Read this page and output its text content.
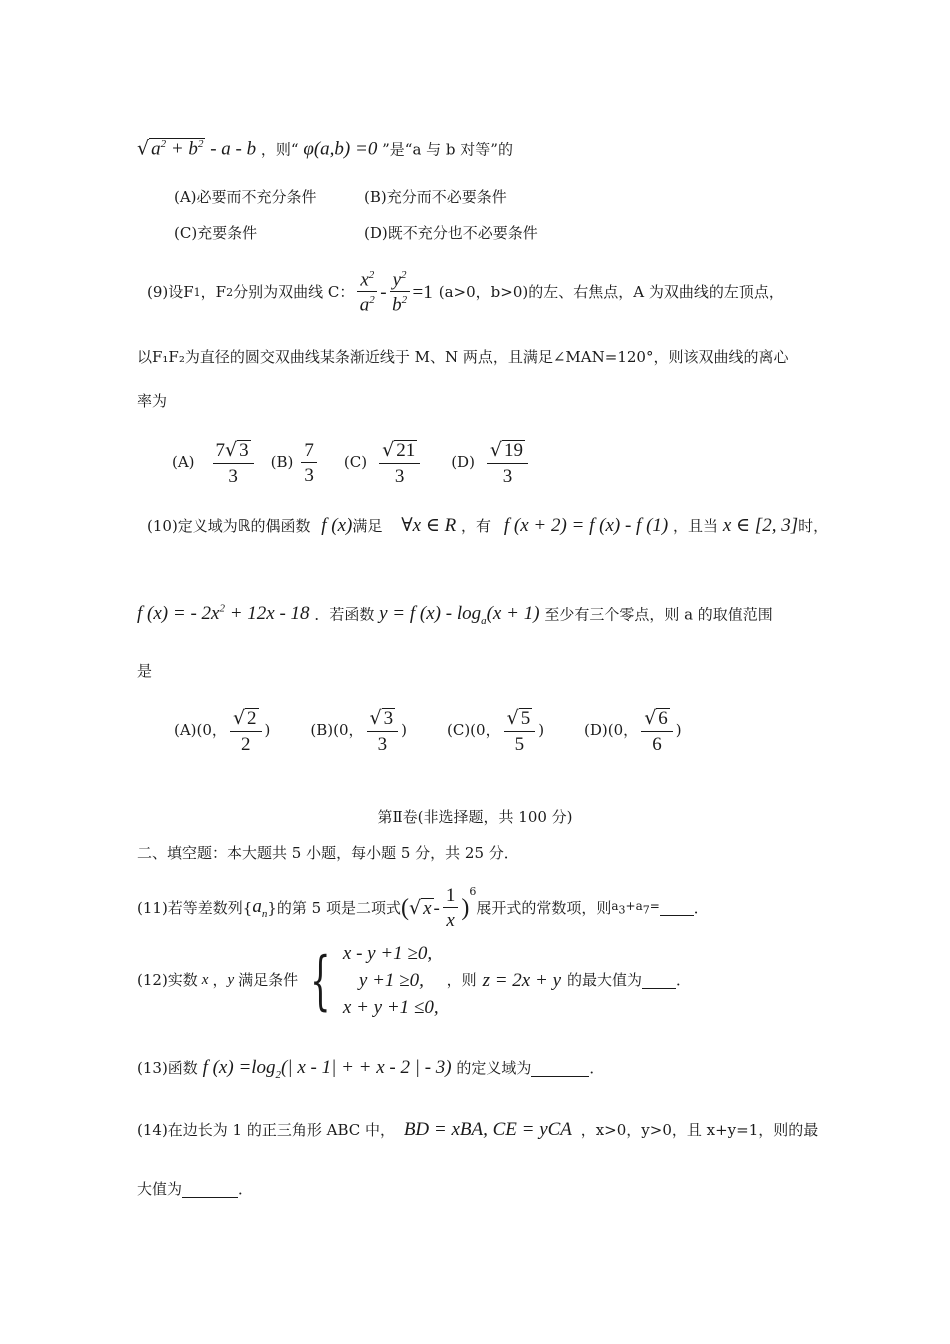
√ $a^2 + b^2 - a - b$ ，则“ φ(a,b) =0 ”是“a 与 b 对等”的
(A)必要而不充分条件	(B)充分而不必要条件
(C)充要条件	(D)既不充分也不必要条件
(9)设F 1 ，F 2 分别为双曲线 C： $\frac{x^2}{a^2} - \frac{y^2}{b^2} =1$ (a>0，b>0)的左、右焦点，A 为双曲线的左顶点，
以F₁F₂为直径的圆交双曲线某条渐近线于 M、N 两点，且满足∠MAN=120°，则该双曲线的离心
率为
$(A) \frac{7√ 3}{3} (B) \frac{7}{3} (C) \frac{√ 21}{3} (D) \frac{√ 19}{3}$
(10)定义域为ℝ的偶函数 f (x)满足 ∀x ∈ R ，有 f (x + 2) = f (x) - f (1) ，且当 x ∈ [2, 3]时，
f (x) = - $2x^2 + 12x - 18$ ．若函数 y = f $(x) - \log_a(x + 1)$ 至少有三个零点，则 a 的取值范围
是
(A)(0， $\frac{√ 2}{2}$ )	(B)(0， $\frac{√ 3}{3}$ )	(C)(0， $\frac{√ 5}{5}$ )	(D)(0， $\frac{√ 6}{6}$ )
第Ⅱ卷(非选择题，共 100 分)
二、填空题：本大题共 5 小题，每小题 5 分，共 25 分．
(11)若等差数列{ $a_n$ }的第 5 项是二项式 ( √ x - $\frac{1}{x}$ )
$^6$
展开式的常数项，则 $a_3+a_7=$
．
(12)实数 x ， y 满足条件 { x - y +1 ≥0,
y +1 ≥0,
x + y +1 ≤0,
，则 z = 2x + y 的最大值为
．
(13)函数 f $(x) =\log_2(|$ x - 1| + + x - 2 | - 3) 的定义域为	．
(14)在边长为 1 的正三角形 ABC 中， BD = xBA, CE = yCA ，x>0，y>0，且 x+y=1，则的最
大值为	．
